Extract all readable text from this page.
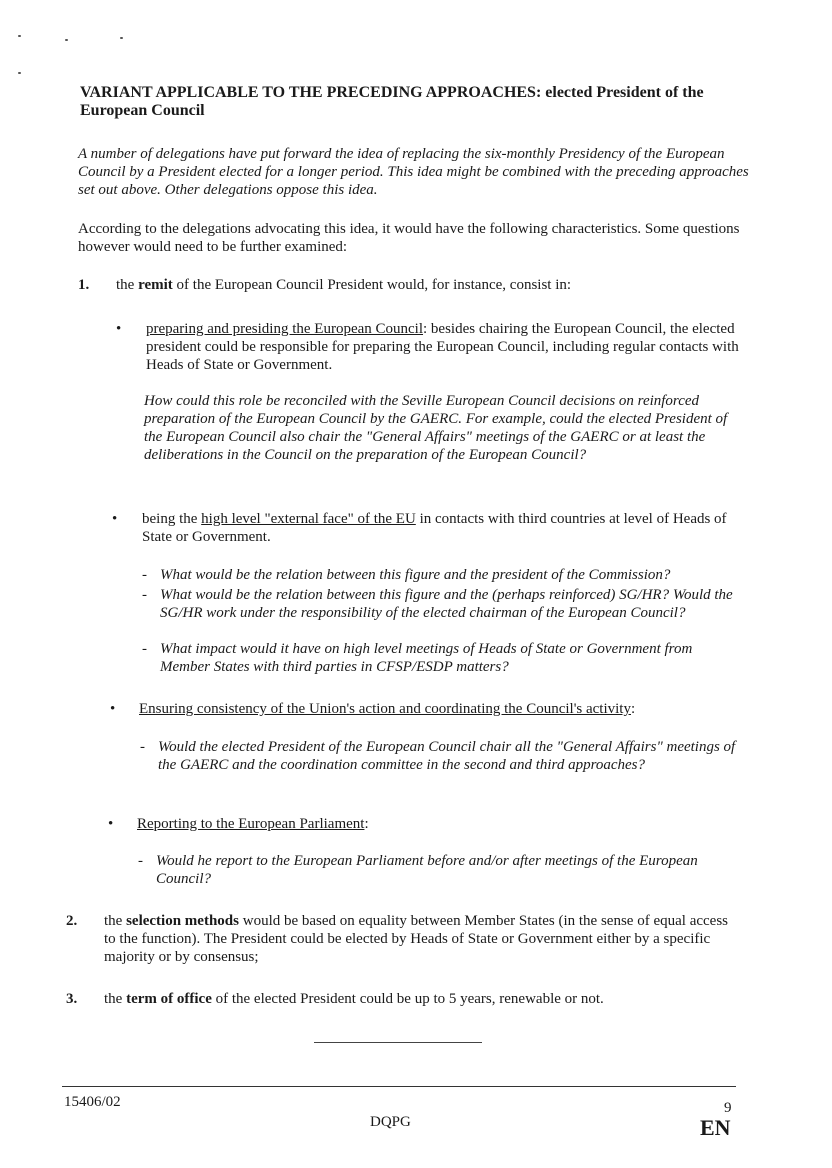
VARIANT APPLICABLE TO THE PRECEDING APPROACHES: elected President of the European Council
A number of delegations have put forward the idea of replacing the six-monthly Presidency of the European Council by a President elected for a longer period. This idea might be combined with the preceding approaches set out above. Other delegations oppose this idea.
According to the delegations advocating this idea, it would have the following characteristics. Some questions however would need to be further examined:
1. the remit of the European Council President would, for instance, consist in:
• preparing and presiding the European Council: besides chairing the European Council, the elected president could be responsible for preparing the European Council, including regular contacts with Heads of State or Government.
How could this role be reconciled with the Seville European Council decisions on reinforced preparation of the European Council by the GAERC. For example, could the elected President of the European Council also chair the "General Affairs" meetings of the GAERC or at least the deliberations in the Council on the preparation of the European Council?
• being the high level "external face" of the EU in contacts with third countries at level of Heads of State or Government.
- What would be the relation between this figure and the president of the Commission?
- What would be the relation between this figure and the (perhaps reinforced) SG/HR? Would the SG/HR work under the responsibility of the elected chairman of the European Council?
- What impact would it have on high level meetings of Heads of State or Government from Member States with third parties in CFSP/ESDP matters?
• Ensuring consistency of the Union's action and coordinating the Council's activity:
- Would the elected President of the European Council chair all the "General Affairs" meetings of the GAERC and the coordination committee in the second and third approaches?
• Reporting to the European Parliament:
- Would he report to the European Parliament before and/or after meetings of the European Council?
2. the selection methods would be based on equality between Member States (in the sense of equal access to the function). The President could be elected by Heads of State or Government either by a specific majority or by consensus;
3. the term of office of the elected President could be up to 5 years, renewable or not.
15406/02	9
DQPG	EN
